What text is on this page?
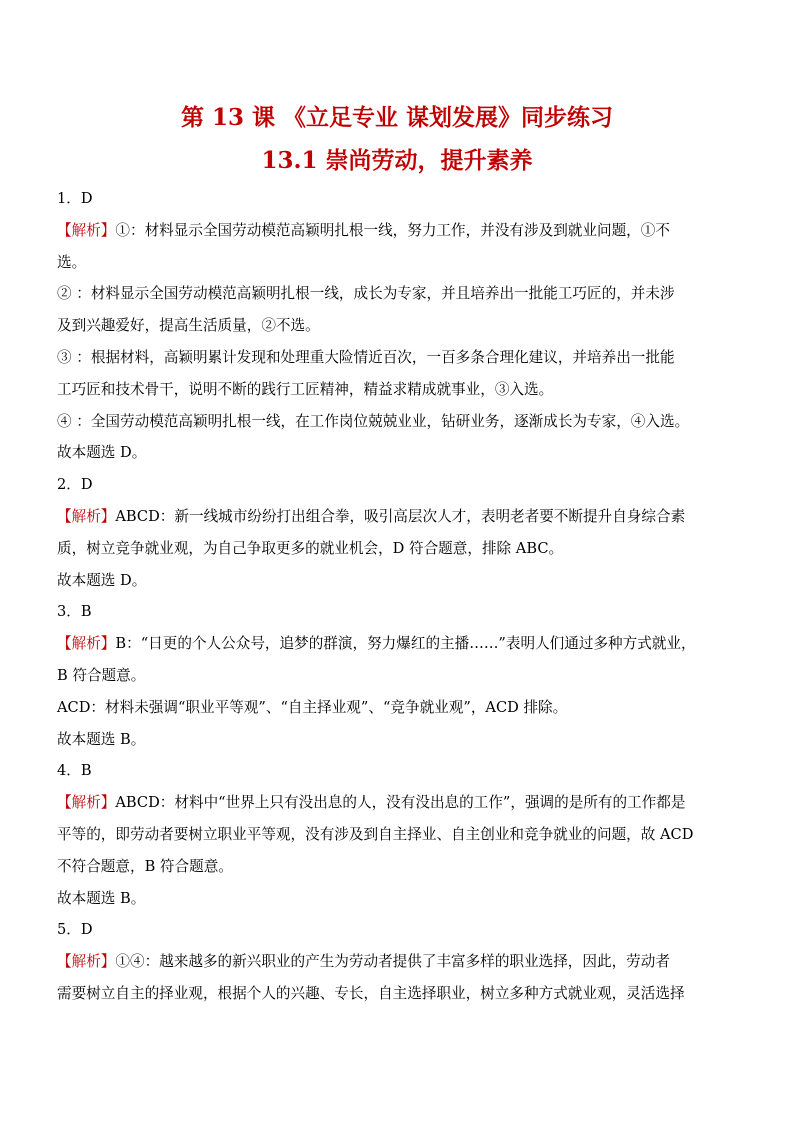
第 13 课 《立足专业 谋划发展》同步练习
13.1 崇尚劳动，提升素养
1．D
【解析】①：材料显示全国劳动模范高颖明扎根一线，努力工作，并没有涉及到就业问题，①不
选。
② ：材料显示全国劳动模范高颖明扎根一线，成长为专家，并且培养出一批能工巧匠的，并未涉
及到兴趣爱好，提高生活质量，②不选。
③ ：根据材料，高颖明累计发现和处理重大险情近百次，一百多条合理化建议，并培养出一批能
工巧匠和技术骨干，说明不断的践行工匠精神，精益求精成就事业，③入选。
④ ：全国劳动模范高颖明扎根一线，在工作岗位兢兢业业，钻研业务，逐渐成长为专家，④入选。
故本题选 D。
2．D
【解析】ABCD：新一线城市纷纷打出组合拳，吸引高层次人才，表明老者要不断提升自身综合素
质，树立竞争就业观，为自己争取更多的就业机会，D 符合题意，排除 ABC。
故本题选 D。
3．B
【解析】B：“日更的个人公众号，追梦的群演，努力爆红的主播……”表明人们通过多种方式就业，
B 符合题意。
ACD：材料未强调“职业平等观”、“自主择业观”、“竞争就业观”，ACD 排除。
故本题选 B。
4．B
【解析】ABCD：材料中“世界上只有没出息的人，没有没出息的工作”，强调的是所有的工作都是
平等的，即劳动者要树立职业平等观，没有涉及到自主择业、自主创业和竞争就业的问题，故 ACD
不符合题意，B 符合题意。
故本题选 B。
5．D
【解析】①④：越来越多的新兴职业的产生为劳动者提供了丰富多样的职业选择，因此，劳动者
需要树立自主的择业观，根据个人的兴趣、专长，自主选择职业，树立多种方式就业观，灵活选择
